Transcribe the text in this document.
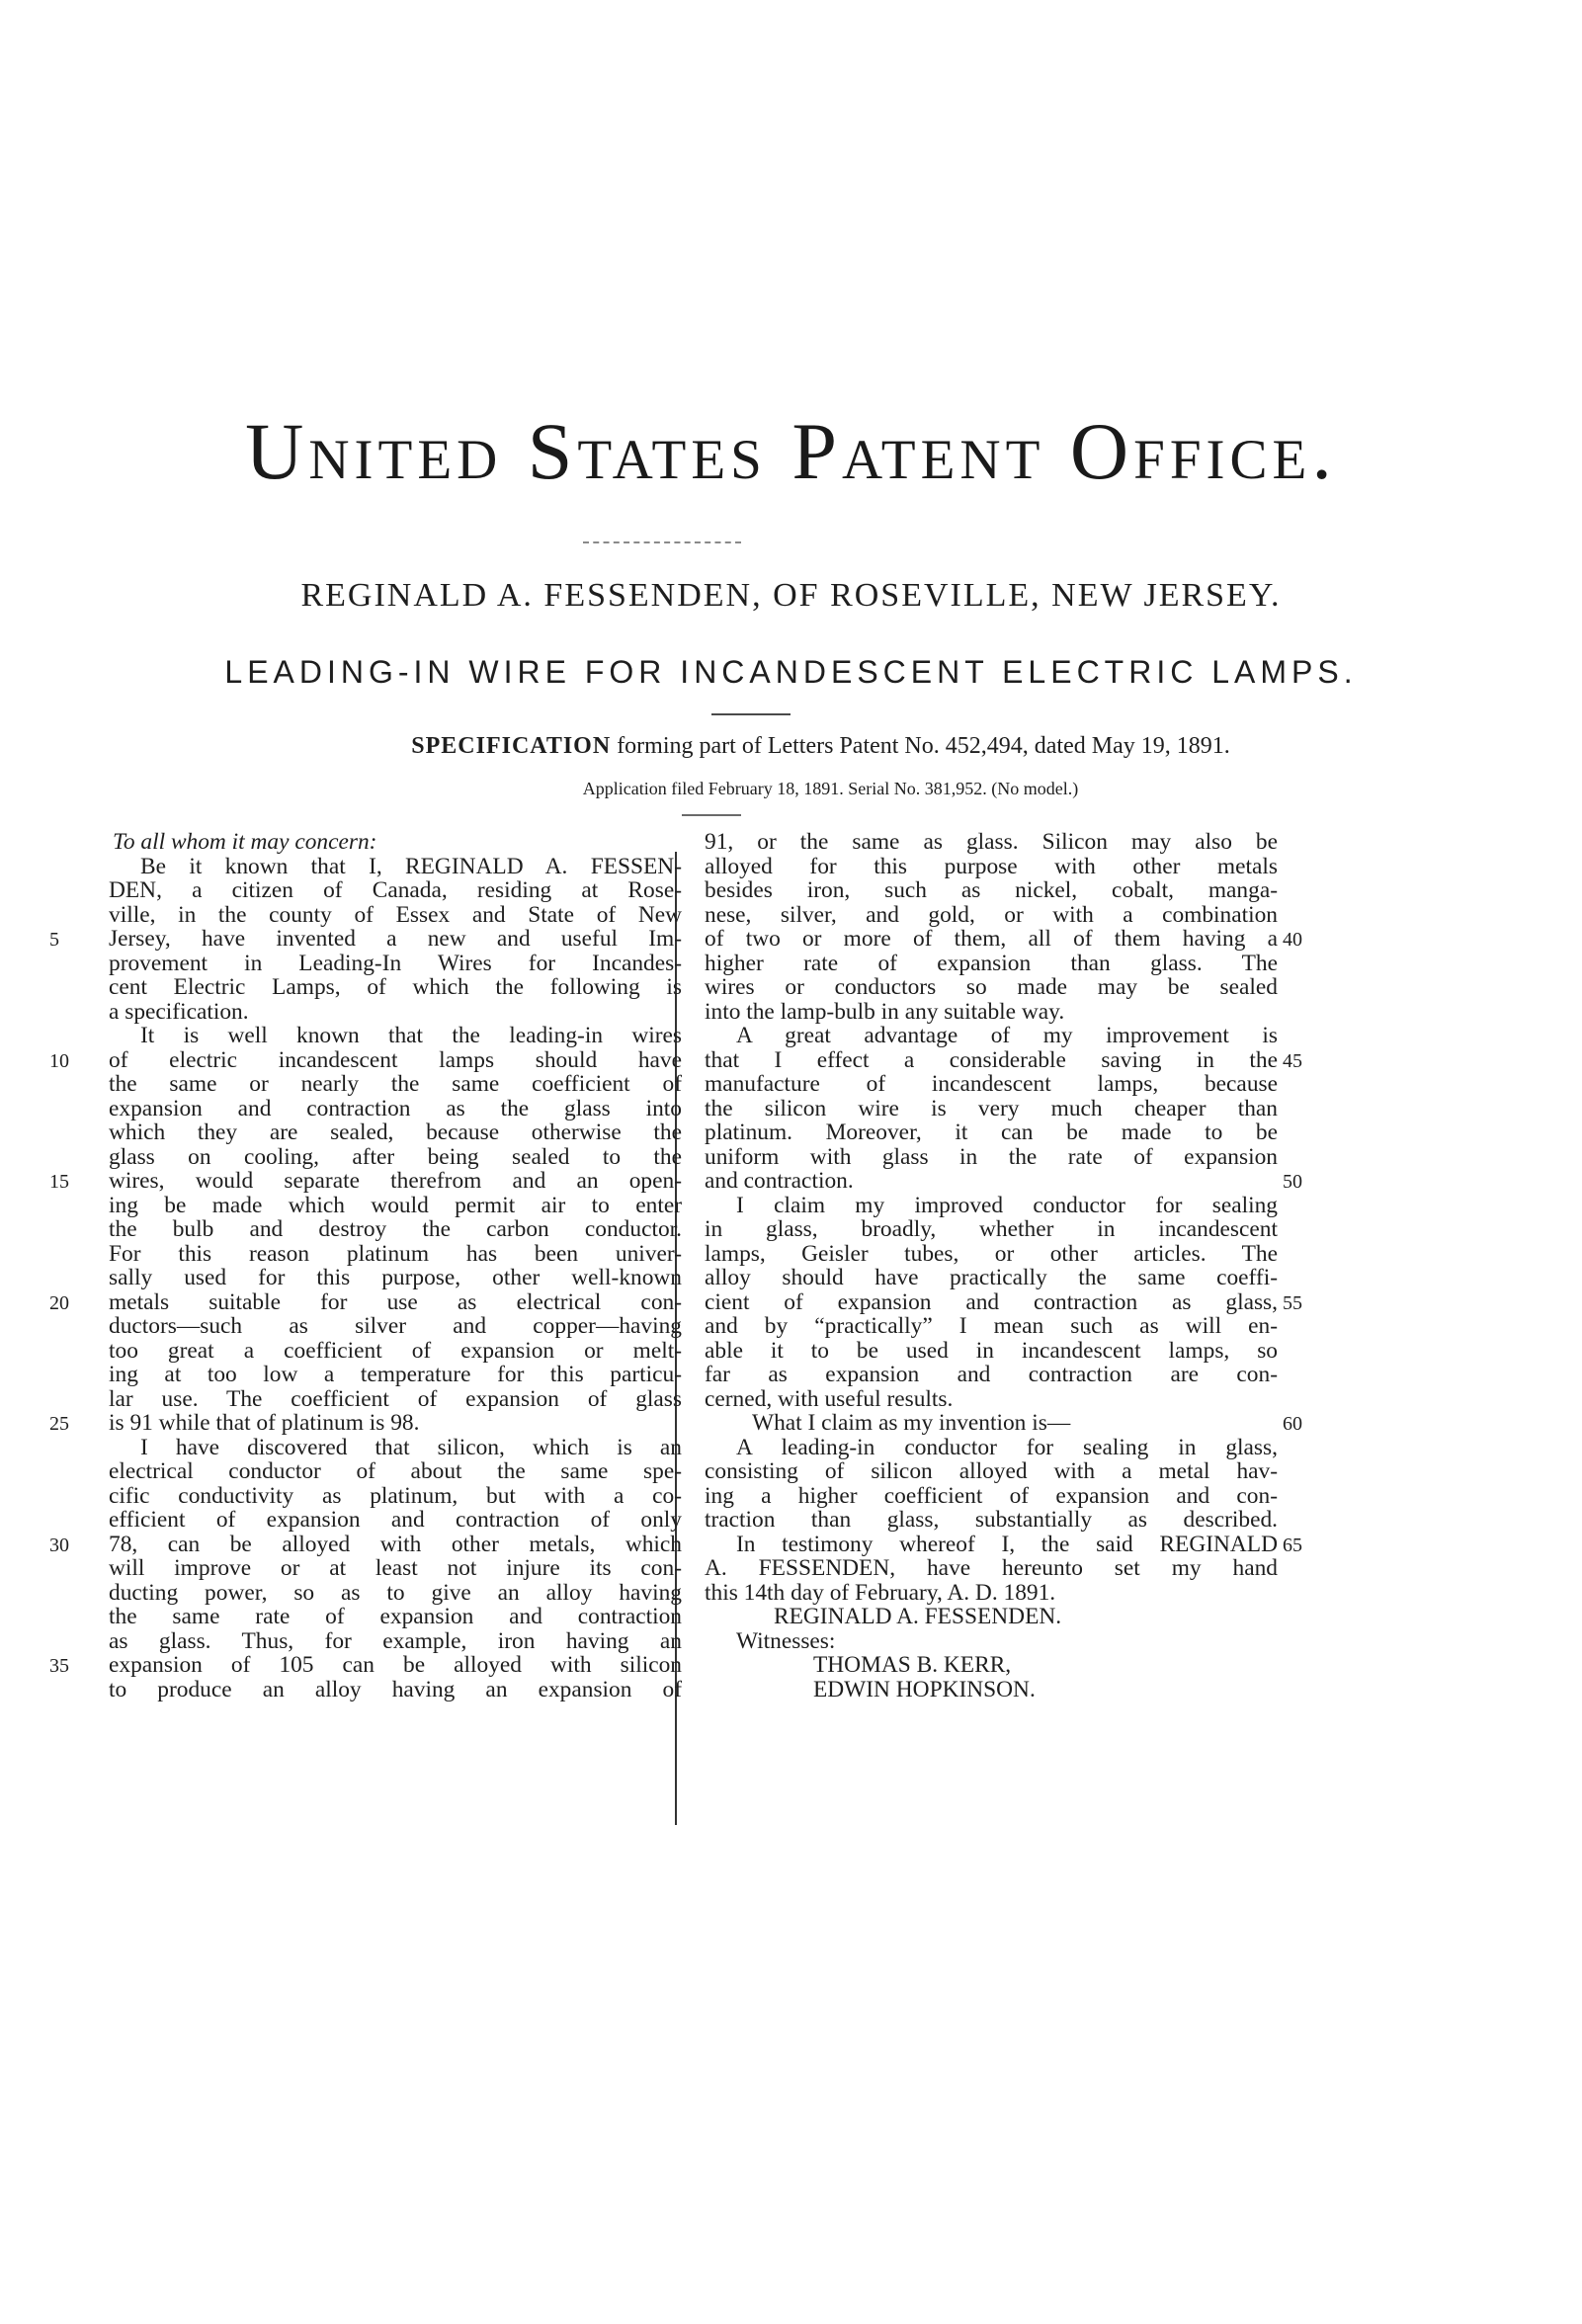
United States Patent Office.
REGINALD A. FESSENDEN, OF ROSEVILLE, NEW JERSEY.
LEADING-IN WIRE FOR INCANDESCENT ELECTRIC LAMPS.
SPECIFICATION forming part of Letters Patent No. 452,494, dated May 19, 1891.
Application filed February 18, 1891. Serial No. 381,952. (No model.)
To all whom it may concern:
Be it known that I, REGINALD A. FESSEN-
DEN, a citizen of Canada, residing at Rose-
ville, in the county of Essex and State of New
Jersey, have invented a new and useful Im-
provement in Leading-In Wires for Incandes-
cent Electric Lamps, of which the following is
a specification.
It is well known that the leading-in wires
of electric incandescent lamps should have
the same or nearly the same coefficient of
expansion and contraction as the glass into
which they are sealed, because otherwise the
glass on cooling, after being sealed to the
wires, would separate therefrom and an open-
ing be made which would permit air to enter
the bulb and destroy the carbon conductor.
For this reason platinum has been univer-
sally used for this purpose, other well-known
metals suitable for use as electrical con-
ductors—such as silver and copper—having
too great a coefficient of expansion or melt-
ing at too low a temperature for this particu-
lar use. The coefficient of expansion of glass
is 91 while that of platinum is 98.
I have discovered that silicon, which is an
electrical conductor of about the same spe-
cific conductivity as platinum, but with a co-
efficient of expansion and contraction of only
78, can be alloyed with other metals, which
will improve or at least not injure its con-
ducting power, so as to give an alloy having
the same rate of expansion and contraction
as glass. Thus, for example, iron having an
expansion of 105 can be alloyed with silicon
to produce an alloy having an expansion of
91, or the same as glass. Silicon may also be
alloyed for this purpose with other metals
besides iron, such as nickel, cobalt, manga-
nese, silver, and gold, or with a combination
of two or more of them, all of them having a
higher rate of expansion than glass. The
wires or conductors so made may be sealed
into the lamp-bulb in any suitable way.
A great advantage of my improvement is
that I effect a considerable saving in the
manufacture of incandescent lamps, because
the silicon wire is very much cheaper than
platinum. Moreover, it can be made to be
uniform with glass in the rate of expansion
and contraction.
I claim my improved conductor for sealing
in glass, broadly, whether in incandescent
lamps, Geisler tubes, or other articles. The
alloy should have practically the same coeffi-
cient of expansion and contraction as glass,
and by “practically” I mean such as will en-
able it to be used in incandescent lamps, so
far as expansion and contraction are con-
cerned, with useful results.
What I claim as my invention is—
A leading-in conductor for sealing in glass,
consisting of silicon alloyed with a metal hav-
ing a higher coefficient of expansion and con-
traction than glass, substantially as described.
In testimony whereof I, the said REGINALD
A. FESSENDEN, have hereunto set my hand
this 14th day of February, A. D. 1891.
REGINALD A. FESSENDEN.
Witnesses:
THOMAS B. KERR,
EDWIN HOPKINSON.
5
10
15
20
25
30
35
40
45
50
55
60
65
